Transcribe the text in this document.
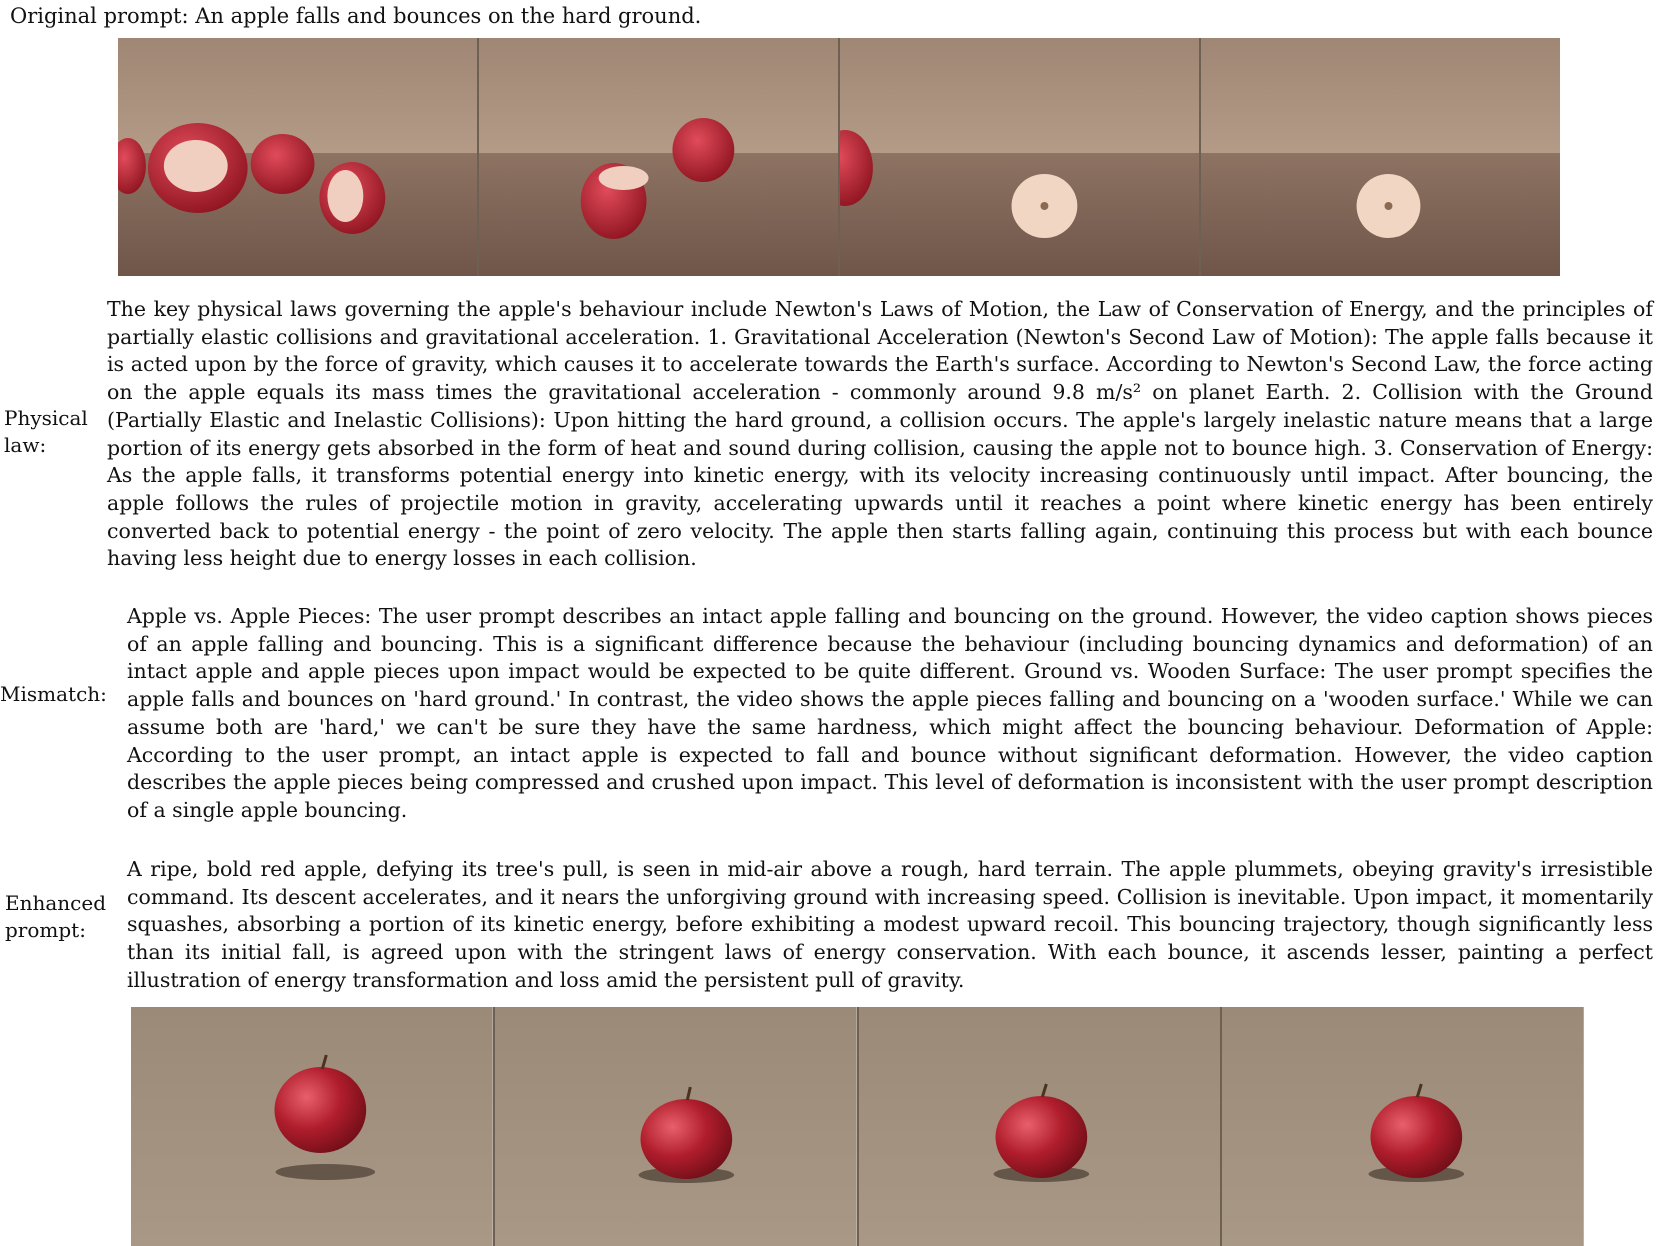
Original prompt: An apple falls and bounces on the hard ground.
Physical
law:
The key physical laws governing the apple's behaviour include Newton's Laws of Motion, the Law of Conservation of Energy, and the principles of partially elastic collisions and gravitational acceleration. 1. Gravitational Acceleration (Newton's Second Law of Motion): The apple falls because it is acted upon by the force of gravity, which causes it to accelerate towards the Earth's surface. According to Newton's Second Law, the force acting on the apple equals its mass times the gravitational acceleration - commonly around 9.8 m/s² on planet Earth. 2. Collision with the Ground (Partially Elastic and Inelastic Collisions): Upon hitting the hard ground, a collision occurs. The apple's largely inelastic nature means that a large portion of its energy gets absorbed in the form of heat and sound during collision, causing the apple not to bounce high. 3. Conservation of Energy: As the apple falls, it transforms potential energy into kinetic energy, with its velocity increasing continuously until impact. After bouncing, the apple follows the rules of projectile motion in gravity, accelerating upwards until it reaches a point where kinetic energy has been entirely converted back to potential energy - the point of zero velocity. The apple then starts falling again, continuing this process but with each bounce having less height due to energy losses in each collision.
Mismatch:
Apple vs. Apple Pieces: The user prompt describes an intact apple falling and bouncing on the ground. However, the video caption shows pieces of an apple falling and bouncing. This is a significant difference because the behaviour (including bouncing dynamics and deformation) of an intact apple and apple pieces upon impact would be expected to be quite different. Ground vs. Wooden Surface: The user prompt specifies the apple falls and bounces on 'hard ground.' In contrast, the video shows the apple pieces falling and bouncing on a 'wooden surface.' While we can assume both are 'hard,' we can't be sure they have the same hardness, which might affect the bouncing behaviour. Deformation of Apple: According to the user prompt, an intact apple is expected to fall and bounce without significant deformation. However, the video caption describes the apple pieces being compressed and crushed upon impact. This level of deformation is inconsistent with the user prompt description of a single apple bouncing.
Enhanced
prompt:
A ripe, bold red apple, defying its tree's pull, is seen in mid-air above a rough, hard terrain. The apple plummets, obeying gravity's irresistible command. Its descent accelerates, and it nears the unforgiving ground with increasing speed. Collision is inevitable. Upon impact, it momentarily squashes, absorbing a portion of its kinetic energy, before exhibiting a modest upward recoil. This bouncing trajectory, though significantly less than its initial fall, is agreed upon with the stringent laws of energy conservation. With each bounce, it ascends lesser, painting a perfect illustration of energy transformation and loss amid the persistent pull of gravity.
